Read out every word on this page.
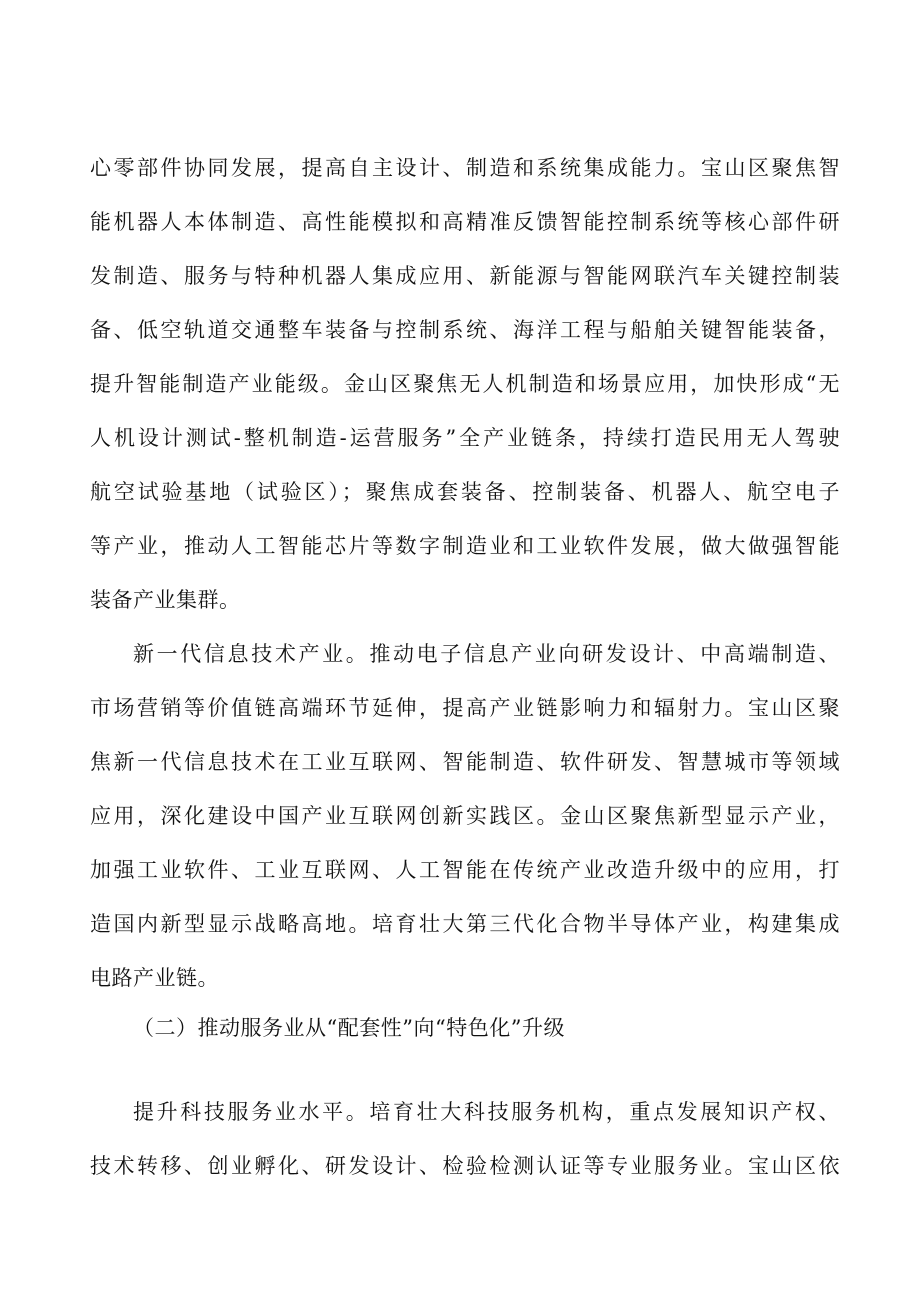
心零部件协同发展，提高自主设计、制造和系统集成能力。宝山区聚焦智
能机器人本体制造、高性能模拟和高精准反馈智能控制系统等核心部件研
发制造、服务与特种机器人集成应用、新能源与智能网联汽车关键控制装
备、低空轨道交通整车装备与控制系统、海洋工程与船舶关键智能装备，
提升智能制造产业能级。金山区聚焦无人机制造和场景应用，加快形成“无
人机设计测试-整机制造-运营服务”全产业链条，持续打造民用无人驾驶
航空试验基地（试验区）；聚焦成套装备、控制装备、机器人、航空电子
等产业，推动人工智能芯片等数字制造业和工业软件发展，做大做强智能
装备产业集群。
新一代信息技术产业。推动电子信息产业向研发设计、中高端制造、
市场营销等价值链高端环节延伸，提高产业链影响力和辐射力。宝山区聚
焦新一代信息技术在工业互联网、智能制造、软件研发、智慧城市等领域
应用，深化建设中国产业互联网创新实践区。金山区聚焦新型显示产业，
加强工业软件、工业互联网、人工智能在传统产业改造升级中的应用，打
造国内新型显示战略高地。培育壮大第三代化合物半导体产业，构建集成
电路产业链。
（二）推动服务业从“配套性”向“特色化”升级
提升科技服务业水平。培育壮大科技服务机构，重点发展知识产权、
技术转移、创业孵化、研发设计、检验检测认证等专业服务业。宝山区依
